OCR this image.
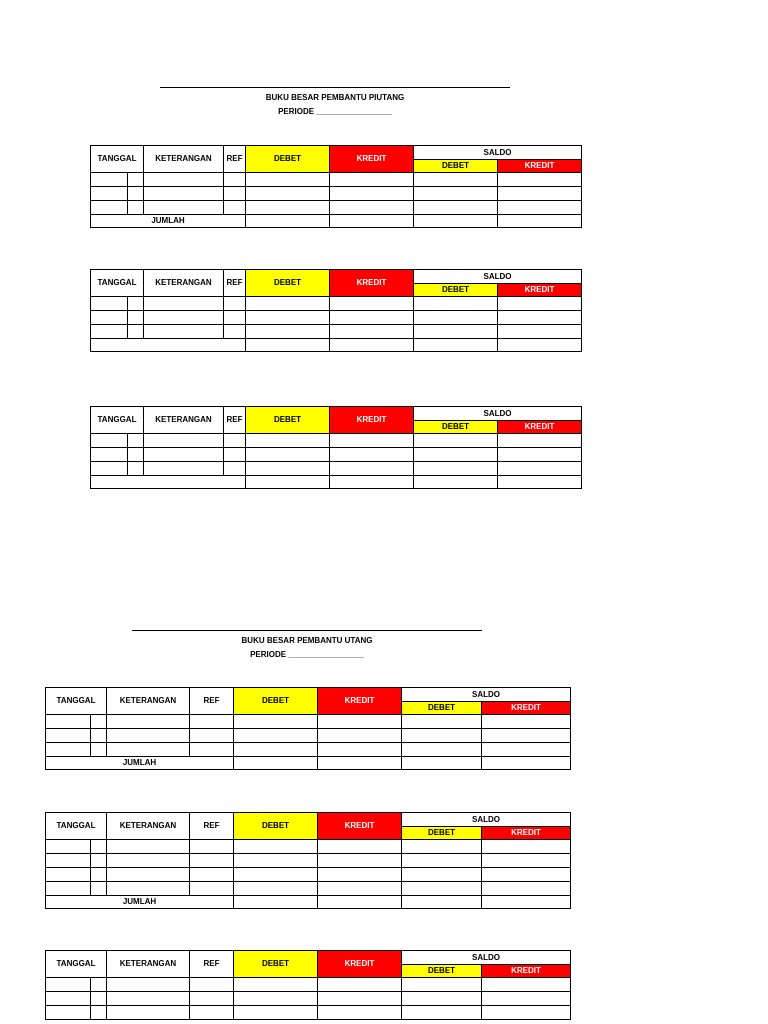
BUKU BESAR PEMBANTU PIUTANG
PERIODE _________________
TANGGAL		KETERANGAN	REF	DEBET	KREDIT	SALDO	
						DEBET	KREDIT

JUMLAH							
TANGGAL		KETERANGAN	REF	DEBET	KREDIT	SALDO	
						DEBET	KREDIT

TANGGAL		KETERANGAN	REF	DEBET	KREDIT	SALDO	
						DEBET	KREDIT

BUKU BESAR PEMBANTU UTANG
PERIODE _________________
TANGGAL		KETERANGAN	REF	DEBET	KREDIT	SALDO	
						DEBET	KREDIT

JUMLAH							
TANGGAL		KETERANGAN	REF	DEBET	KREDIT	SALDO	
						DEBET	KREDIT

JUMLAH							
TANGGAL		KETERANGAN	REF	DEBET	KREDIT	SALDO	
						DEBET	KREDIT
